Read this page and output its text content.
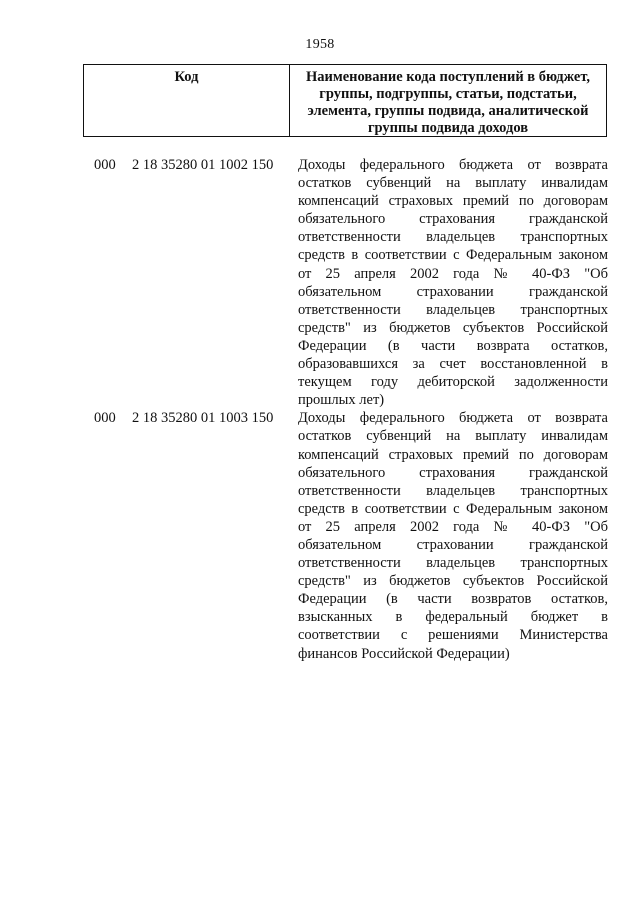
1958
Код	Наименование кода поступлений в бюджет, группы, подгруппы, статьи, подстатьи, элемента, группы подвида, аналитической группы подвида доходов
000	2 18 35280 01 1002 150	Доходы федерального бюджета от возврата остатков субвенций на выплату инвалидам компенсаций страховых премий по договорам обязательного страхования гражданской ответственности владельцев транспортных средств в соответствии с Федеральным законом от 25 апреля 2002 года № 40-ФЗ "Об обязательном страховании гражданской ответственности владельцев транспортных средств" из бюджетов субъектов Российской Федерации (в части возврата остатков, образовавшихся за счет восстановленной в текущем году дебиторской задолженности прошлых лет)
000	2 18 35280 01 1003 150	Доходы федерального бюджета от возврата остатков субвенций на выплату инвалидам компенсаций страховых премий по договорам обязательного страхования гражданской ответственности владельцев транспортных средств в соответствии с Федеральным законом от 25 апреля 2002 года № 40-ФЗ "Об обязательном страховании гражданской ответственности владельцев транспортных средств" из бюджетов субъектов Российской Федерации (в части возвратов остатков, взысканных в федеральный бюджет в соответствии с решениями Министерства финансов Российской Федерации)
